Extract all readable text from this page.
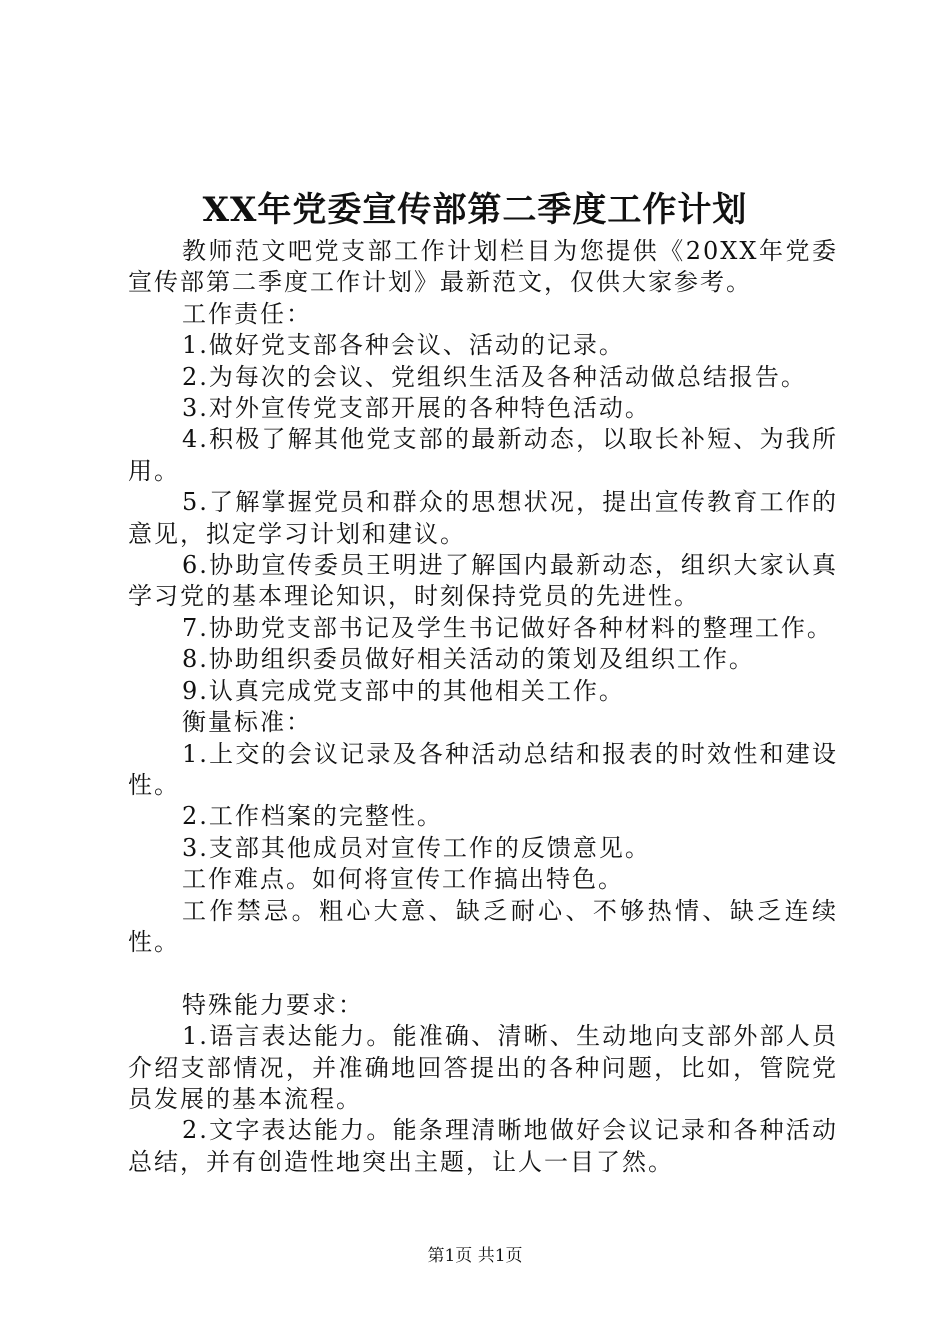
XX年党委宣传部第二季度工作计划

教师范文吧党支部工作计划栏目为您提供《20XX年党委宣传部第二季度工作计划》最新范文，仅供大家参考。

工作责任：

1.做好党支部各种会议、活动的记录。

2.为每次的会议、党组织生活及各种活动做总结报告。

3.对外宣传党支部开展的各种特色活动。

4.积极了解其他党支部的最新动态，以取长补短、为我所用。

5.了解掌握党员和群众的思想状况，提出宣传教育工作的意见，拟定学习计划和建议。

6.协助宣传委员王明进了解国内最新动态，组织大家认真学习党的基本理论知识，时刻保持党员的先进性。

7.协助党支部书记及学生书记做好各种材料的整理工作。

8.协助组织委员做好相关活动的策划及组织工作。

9.认真完成党支部中的其他相关工作。

衡量标准：

1.上交的会议记录及各种活动总结和报表的时效性和建设性。

2.工作档案的完整性。

3.支部其他成员对宣传工作的反馈意见。

工作难点。如何将宣传工作搞出特色。

工作禁忌。粗心大意、缺乏耐心、不够热情、缺乏连续性。

特殊能力要求：

1.语言表达能力。能准确、清晰、生动地向支部外部人员介绍支部情况，并准确地回答提出的各种问题，比如，管院党员发展的基本流程。

2.文字表达能力。能条理清晰地做好会议记录和各种活动总结，并有创造性地突出主题，让人一目了然。

第1页 共1页
